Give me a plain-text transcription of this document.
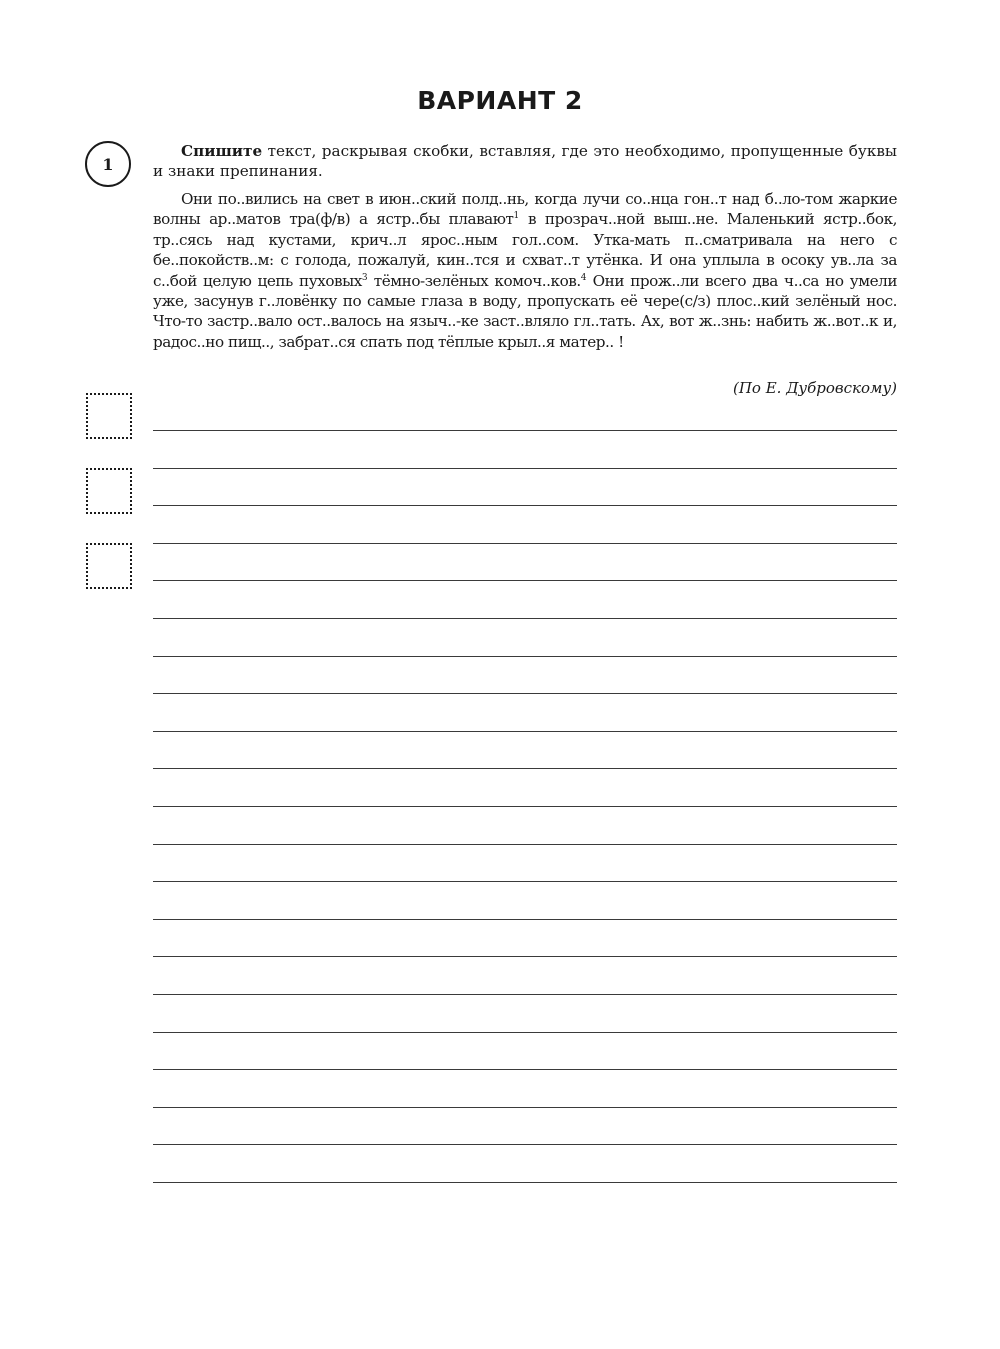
ВАРИАНТ 2
1
Спишите текст, раскрывая скобки, вставляя, где это необходимо, пропущенные буквы и знаки препинания.

Они по..вились на свет в июн..ский полд..нь, когда лучи со..нца гон..т над б..ло-том жаркие волны ар..матов тра(ф/в) а ястр..бы плавают$^1$ в прозрач..ной выш..не. Маленький ястр..бок, тр..сясь над кустами, крич..л ярос..ным гол..сом. Утка-мать п..сматривала на него с бе..покойств..м: с голода, пожалуй, кин..тся и схват..т утёнка. И она уплыла в осоку ув..ла за с..бой целую цепь пуховых$^3$ тёмно-зелёных комоч..ков.$^4$ Они прож..ли всего два ч..са но умели уже, засунув г..ловёнку по самые глаза в воду, пропускать её чере(с/з) плос..кий зелёный нос. Что-то застр..вало ост..валось на языч..-ке заст..вляло гл..тать. Ах, вот ж..знь: набить ж..вот..к и, радос..но пищ.., забрат..ся спать под тёплые крыл..я матер.. !

(По Е. Дубровскому)
